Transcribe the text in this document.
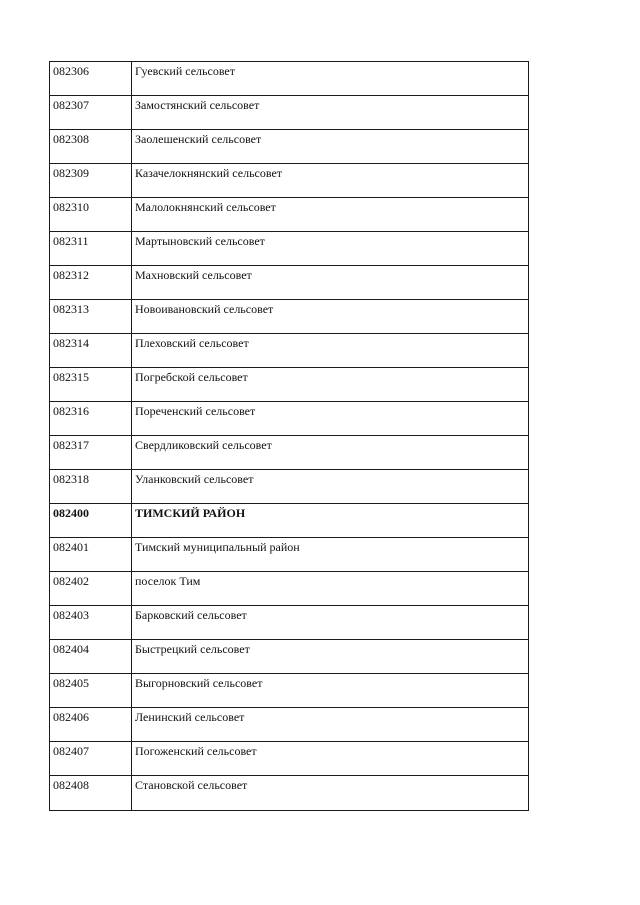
082306	Гуевский сельсовет

082307	Замостянский сельсовет

082308	Заолешенский сельсовет

082309	Казачелокнянский сельсовет

082310	Малолокнянский сельсовет

082311	Мартыновский сельсовет

082312	Махновский сельсовет

082313	Новоивановский сельсовет

082314	Плеховский сельсовет

082315	Погребской сельсовет

082316	Пореченский сельсовет

082317	Свердликовский сельсовет

082318	Уланковский сельсовет

082400	ТИМСКИЙ РАЙОН

082401	Тимский муниципальный район

082402	поселок Тим

082403	Барковский сельсовет

082404	Быстрецкий сельсовет

082405	Выгорновский сельсовет

082406	Ленинский сельсовет

082407	Погоженский сельсовет

082408	Становской сельсовет
